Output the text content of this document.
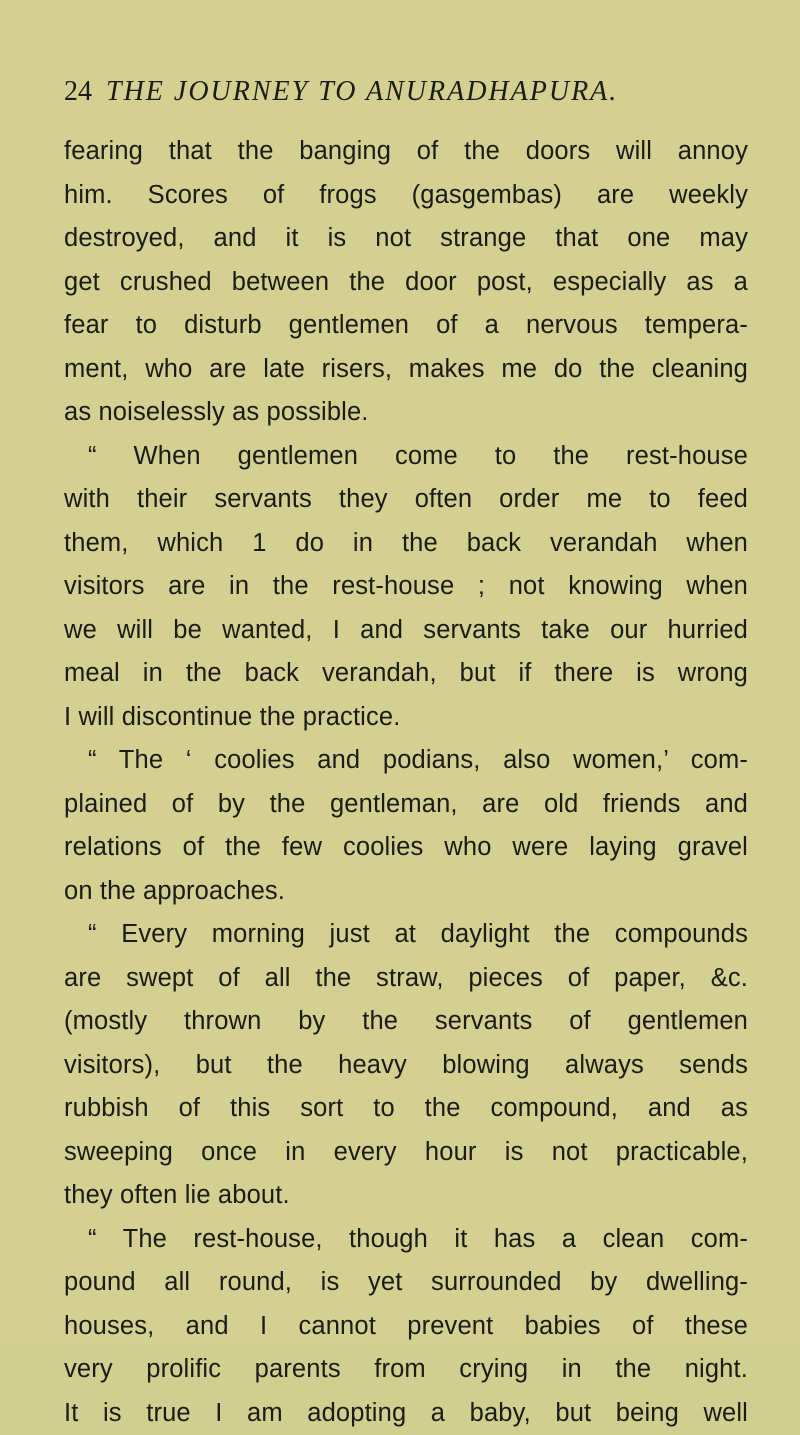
24 THE JOURNEY TO ANURADHAPURA.
fearing that the banging of the doors will annoy
him. Scores of frogs (gasgembas) are weekly
destroyed, and it is not strange that one may
get crushed between the door post, especially as a
fear to disturb gentlemen of a nervous tempera-
ment, who are late risers, makes me do the cleaning
as noiselessly as possible.
“ When gentlemen come to the rest-house
with their servants they often order me to feed
them, which 1 do in the back verandah when
visitors are in the rest-house ; not knowing when
we will be wanted, I and servants take our hurried
meal in the back verandah, but if there is wrong
I will discontinue the practice.
“ The ‘ coolies and podians, also women,’ com-
plained of by the gentleman, are old friends and
relations of the few coolies who were laying gravel
on the approaches.
“ Every morning just at daylight the compounds
are swept of all the straw, pieces of paper, &c.
(mostly thrown by the servants of gentlemen
visitors), but the heavy blowing always sends
rubbish of this sort to the compound, and as
sweeping once in every hour is not practicable,
they often lie about.
“ The rest-house, though it has a clean com-
pound all round, is yet surrounded by dwelling-
houses, and I cannot prevent babies of these
very prolific parents from crying in the night.
It is true I am adopting a baby, but being well
